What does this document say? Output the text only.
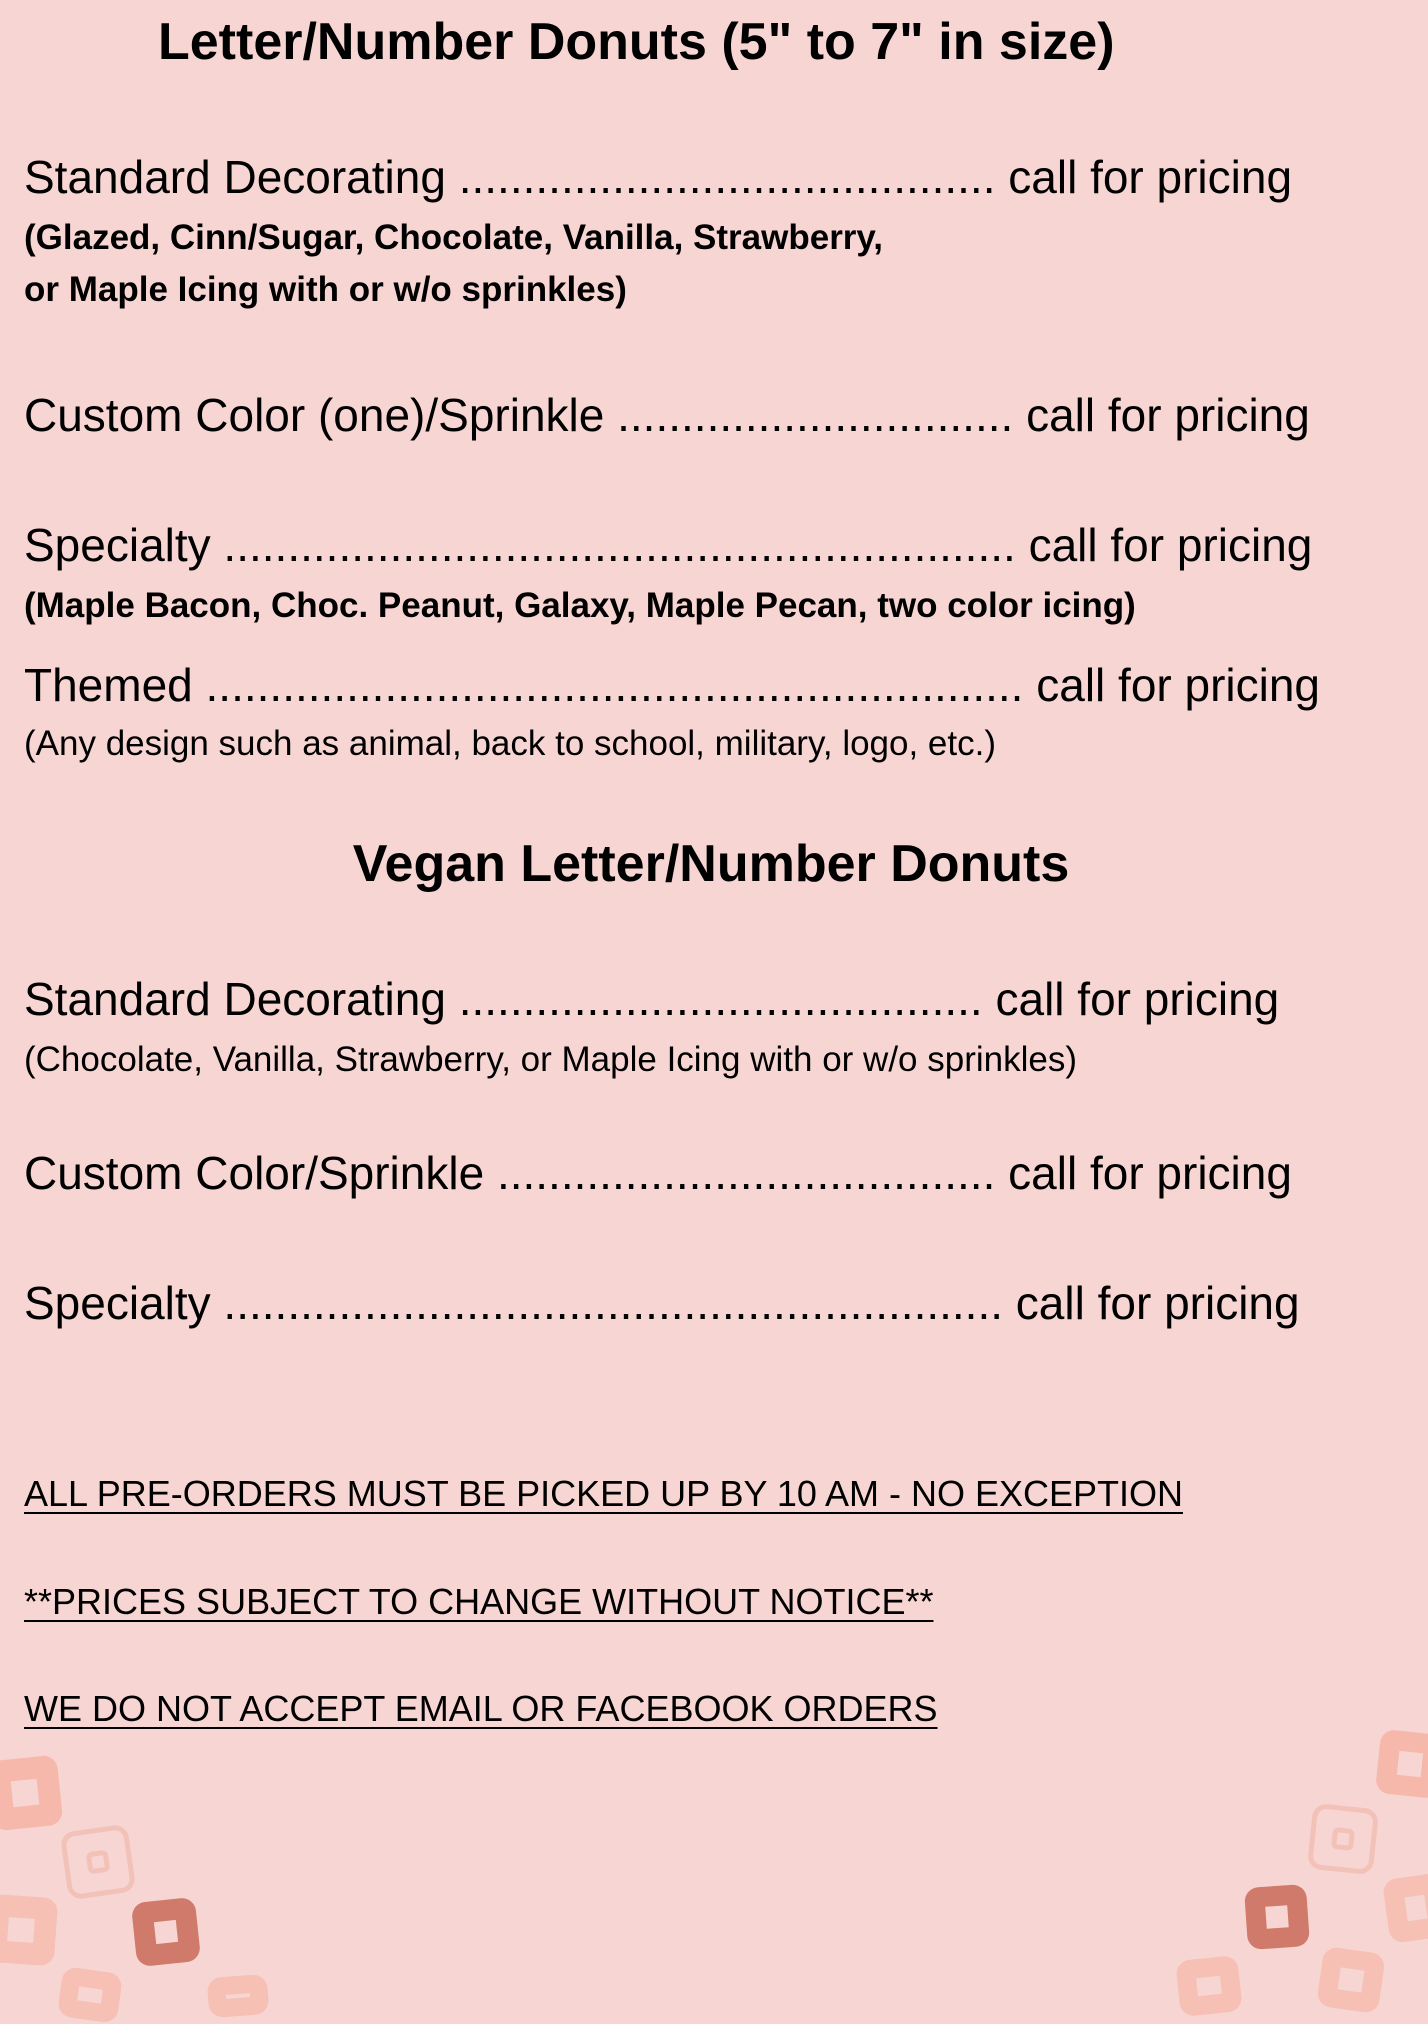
Letter/Number Donuts (5" to 7" in size)
Standard Decorating .......................................... call for pricing
(Glazed, Cinn/Sugar, Chocolate, Vanilla, Strawberry,
or Maple Icing with or w/o sprinkles)
Custom Color (one)/Sprinkle ............................... call for pricing
Specialty .............................................................. call for pricing
(Maple Bacon, Choc. Peanut, Galaxy, Maple Pecan, two color icing)
Themed ................................................................ call for pricing
(Any design such as animal, back to school, military, logo, etc.)
Vegan Letter/Number Donuts
Standard Decorating ......................................... call for pricing
(Chocolate, Vanilla, Strawberry, or Maple Icing with or w/o sprinkles)
Custom Color/Sprinkle ....................................... call for pricing
Specialty ............................................................. call for pricing
ALL PRE-ORDERS MUST BE PICKED UP BY 10 AM - NO EXCEPTION
**PRICES SUBJECT TO CHANGE WITHOUT NOTICE**
WE DO NOT ACCEPT EMAIL OR FACEBOOK ORDERS
